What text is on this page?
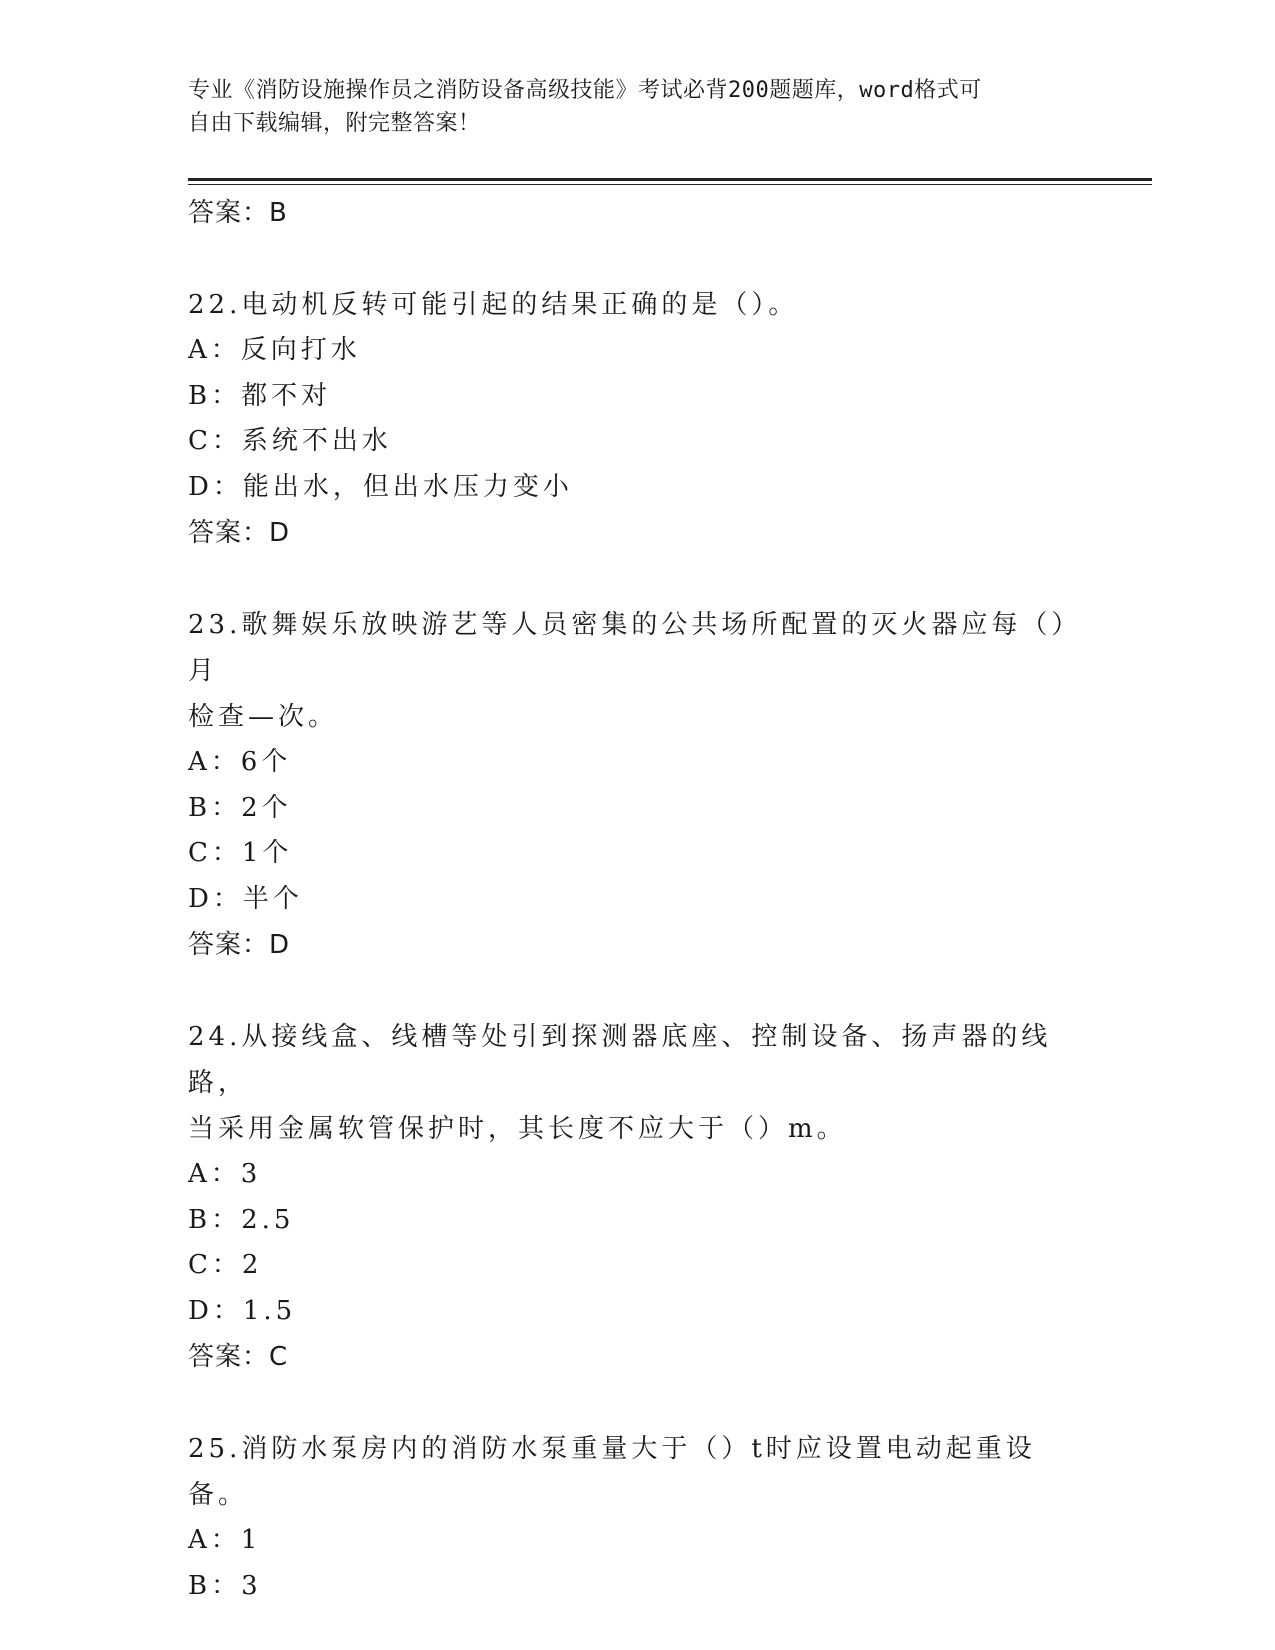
专业《消防设施操作员之消防设备高级技能》考试必背200题题库，word格式可
自由下载编辑，附完整答案！
答案：B
22.电动机反转可能引起的结果正确的是（）。
A：反向打水
B：都不对
C：系统不出水
D：能出水，但出水压力变小
答案：D
23.歌舞娱乐放映游艺等人员密集的公共场所配置的灭火器应每（）月
检查—次。
A：6个
B：2个
C：1个
D：半个
答案：D
24.从接线盒、线槽等处引到探测器底座、控制设备、扬声器的线路，
当采用金属软管保护时，其长度不应大于（）m。
A：3
B：2.5
C：2
D：1.5
答案：C
25.消防水泵房内的消防水泵重量大于（）t时应设置电动起重设备。
A：1
B：3
